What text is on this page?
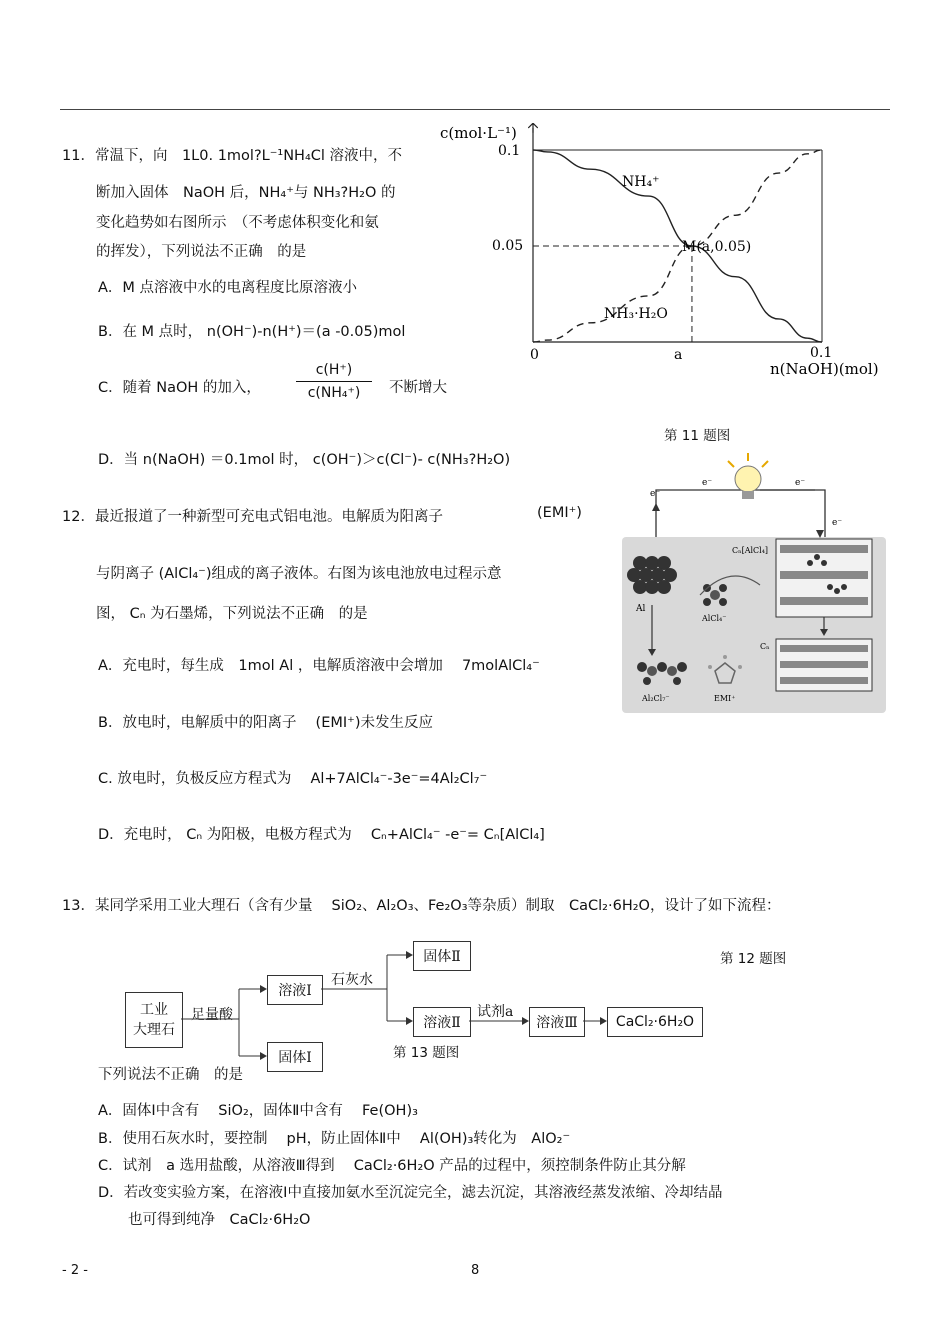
11．常温下，向　1L0. 1mol?L⁻¹NH₄Cl 溶液中，不
断加入固体　NaOH 后，NH₄⁺与 NH₃?H₂O 的
变化趋势如右图所示　（不考虑体积变化和氨
的挥发），下列说法不正确　的是
A．M 点溶液中水的电离程度比原溶液小
B．在 M 点时， n(OH⁻)-n(H⁺)＝(a -0.05)mol
C．随着 NaOH 的加入，
c(H⁺)
c(NH₄⁺)	不断增大
D．当 n(NaOH) ＝0.1mol 时， c(OH⁻)＞c(Cl⁻)- c(NH₃?H₂O)
c(mol·L⁻¹)
0.1
0.05
0	a	0.1
n(NaOH)(mol)
NH₄⁺
NH₃·H₂O
M(a,0.05)
第 11 题图
12．最近报道了一种新型可充电式铝电池。电解质为阳离子	(EMI⁺)
与阴离子 (AlCl₄⁻)组成的离子液体。右图为该电池放电过程示意
图， Cₙ 为石墨烯，下列说法不正确　的是
A．充电时，每生成　1mol Al ，电解质溶液中会增加　 7molAlCl₄⁻
B．放电时，电解质中的阳离子　 (EMI⁺)未发生反应
C. 放电时，负极反应方程式为　 Al+7AlCl₄⁻-3e⁻=4Al₂Cl₇⁻
D．充电时， Cₙ 为阳极，电极方程式为　 Cₙ+AlCl₄⁻ -e⁻= Cₙ[AlCl₄]
e⁻
e⁻	e⁻
e⁻
Al
AlCl₄⁻
Al₂Cl₇⁻	EMI⁺
Cₙ[AlCl₄]
Cₙ
第 12 题图
13．某同学采用工业大理石（含有少量　 SiO₂、Al₂O₃、Fe₂O₃等杂质）制取　CaCl₂·6H₂O，设计了如下流程：
工业
大理石
足量酸
溶液Ⅰ
固体Ⅰ
石灰水
固体Ⅱ
溶液Ⅱ
试剂a
溶液Ⅲ	CaCl₂·6H₂O
第 13 题图
下列说法不正确　的是
A．固体Ⅰ中含有　 SiO₂，固体Ⅱ中含有　 Fe(OH)₃
B．使用石灰水时，要控制　 pH，防止固体Ⅱ中　 Al(OH)₃转化为　AlO₂⁻
C．试剂　a 选用盐酸，从溶液Ⅲ得到　 CaCl₂·6H₂O 产品的过程中，须控制条件防止其分解
D．若改变实验方案，在溶液Ⅰ中直接加氨水至沉淀完全，滤去沉淀，其溶液经蒸发浓缩、冷却结晶
也可得到纯净　CaCl₂·6H₂O
- 2 -	8
